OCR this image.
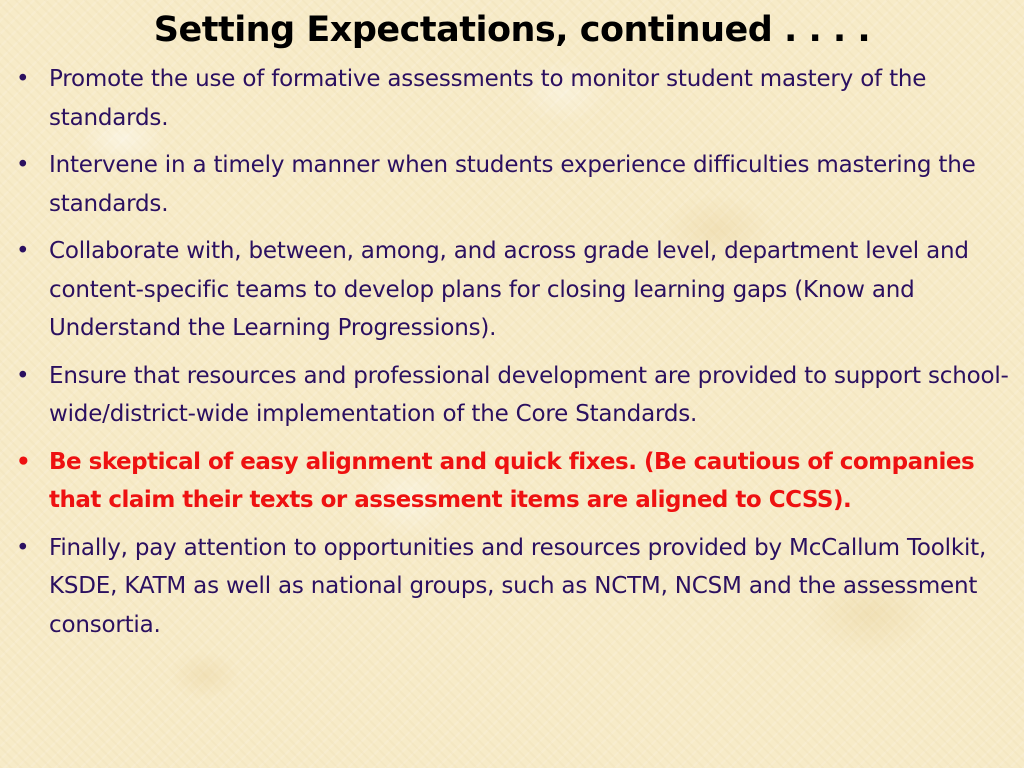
Setting Expectations, continued . . . .
• Promote the use of formative assessments to monitor student mastery of the standards.
• Intervene in a timely manner when students experience difficulties mastering the standards.
• Collaborate with, between, among, and across grade level, department level and content-specific teams to develop plans for closing learning gaps (Know and Understand the Learning Progressions).
• Ensure that resources and professional development are provided to support school-wide/district-wide implementation of the Core Standards.
• Be skeptical of easy alignment and quick fixes. (Be cautious of companies that claim their texts or assessment items are aligned to CCSS).
• Finally, pay attention to opportunities and resources provided by McCallum Toolkit, KSDE, KATM as well as national groups, such as NCTM, NCSM and the assessment consortia.
